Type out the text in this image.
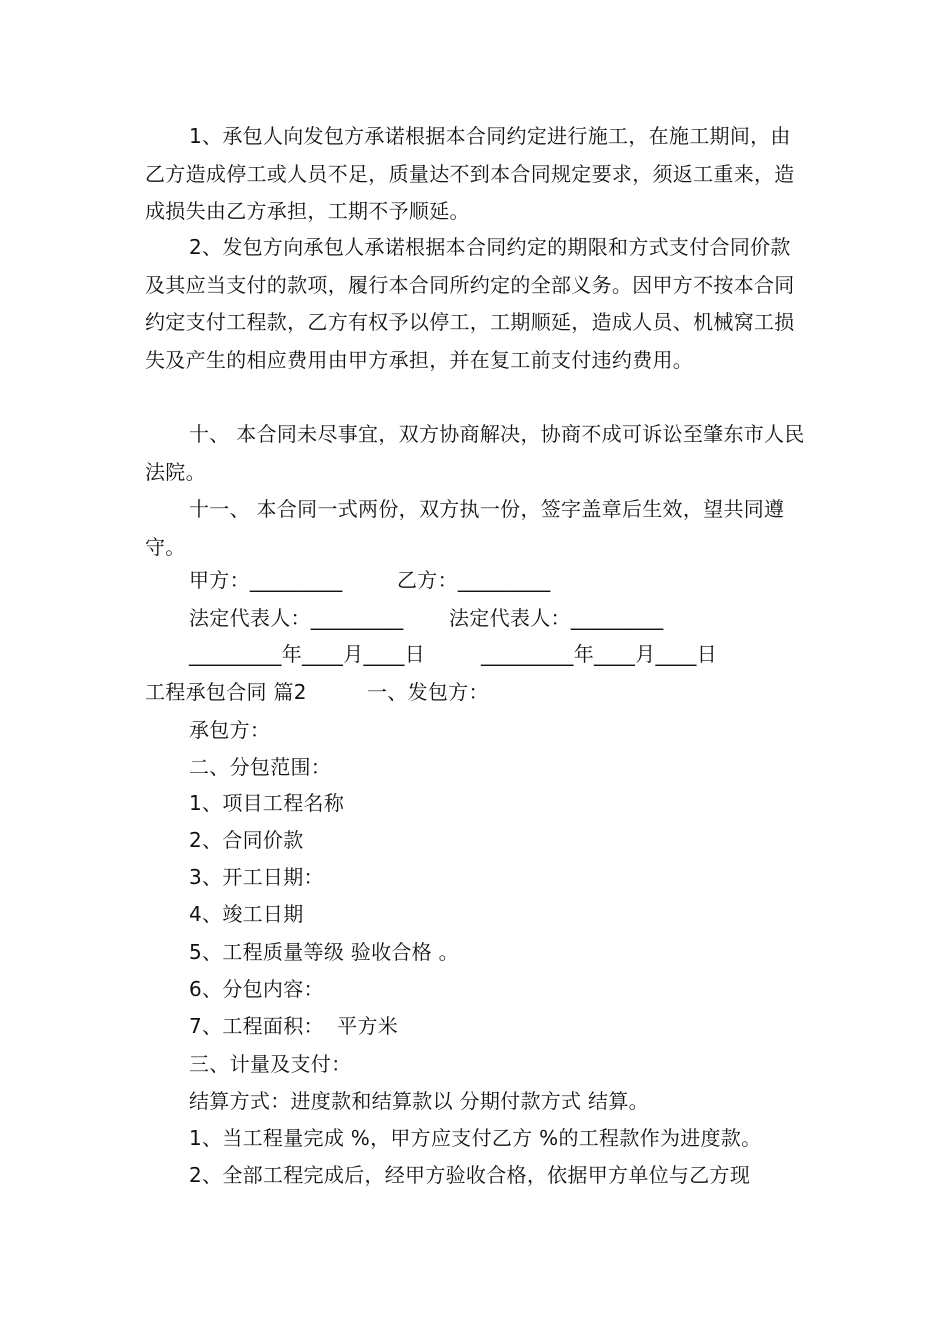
1、承包人向发包方承诺根据本合同约定进行施工，在施工期间，由乙方造成停工或人员不足，质量达不到本合同规定要求，须返工重来，造成损失由乙方承担，工期不予顺延。

2、发包方向承包人承诺根据本合同约定的期限和方式支付合同价款及其应当支付的款项，履行本合同所约定的全部义务。因甲方不按本合同约定支付工程款，乙方有权予以停工，工期顺延，造成人员、机械窝工损失及产生的相应费用由甲方承担，并在复工前支付违约费用。

十、 本合同未尽事宜，双方协商解决，协商不成可诉讼至肇东市人民法院。

十一、 本合同一式两份，双方执一份，签字盖章后生效，望共同遵守。

甲方：_________	乙方：_________

法定代表人：_________ 法定代表人：_________

_________年____月____日	_________年____月____日

工程承包合同 篇2	一、发包方：

承包方：

二、分包范围：

1、项目工程名称

2、合同价款

3、开工日期：

4、竣工日期

5、工程质量等级 验收合格 。

6、分包内容：

7、工程面积：  平方米

三、计量及支付：

结算方式：进度款和结算款以 分期付款方式 结算。

1、当工程量完成 %，甲方应支付乙方 %的工程款作为进度款。

2、全部工程完成后，经甲方验收合格，依据甲方单位与乙方现
